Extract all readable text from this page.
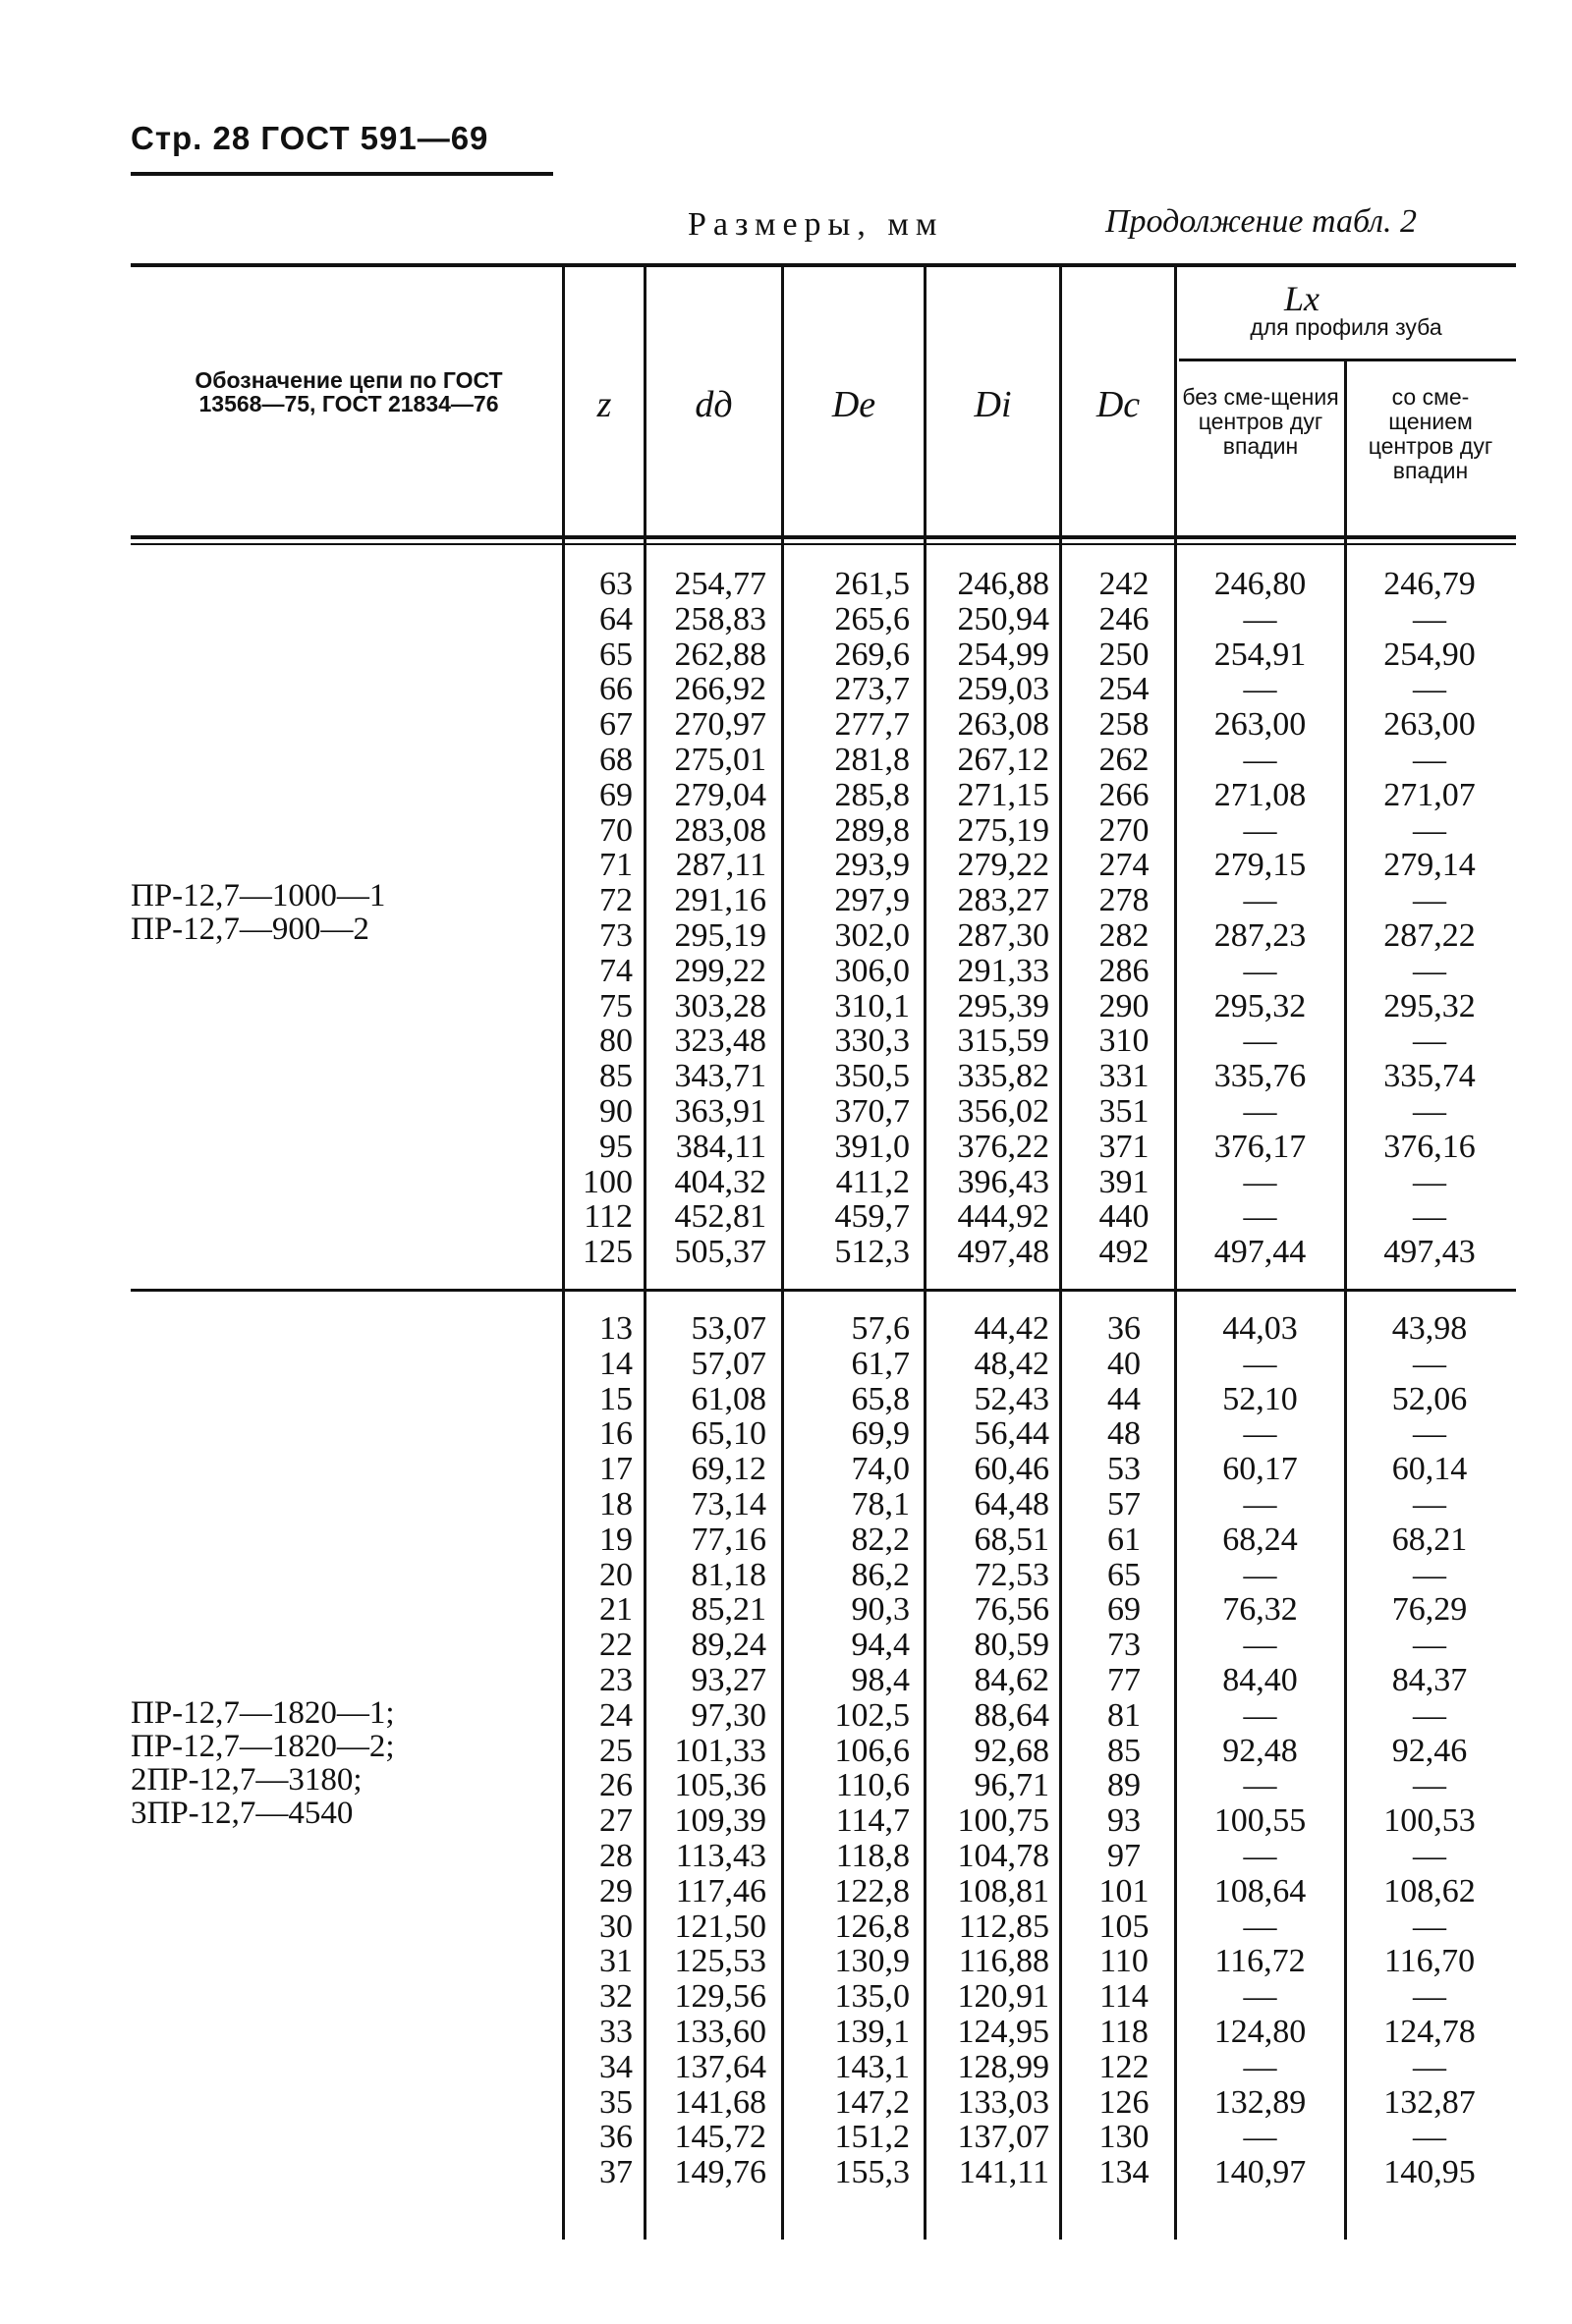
Стр. 28 ГОСТ 591—69
Размеры, мм	Продолжение табл. 2
Обозначение цепи по ГОСТ 13568—75, ГОСТ 21834—76	z	dд	De	Di	Dc
Lx
для профиля зуба
без сме-щения центров дуг впадин
со сме-щением центров дуг впадин
ПР-12,7—1000—1
ПР-12,7—900—2
63	254,77	261,5	246,88	242	246,80	246,79
64	258,83	265,6	250,94	246	—	—
65	262,88	269,6	254,99	250	254,91	254,90
66	266,92	273,7	259,03	254	—	—
67	270,97	277,7	263,08	258	263,00	263,00
68	275,01	281,8	267,12	262	—	—
69	279,04	285,8	271,15	266	271,08	271,07
70	283,08	289,8	275,19	270	—	—
71	287,11	293,9	279,22	274	279,15	279,14
72	291,16	297,9	283,27	278	—	—
73	295,19	302,0	287,30	282	287,23	287,22
74	299,22	306,0	291,33	286	—	—
75	303,28	310,1	295,39	290	295,32	295,32
80	323,48	330,3	315,59	310	—	—
85	343,71	350,5	335,82	331	335,76	335,74
90	363,91	370,7	356,02	351	—	—
95	384,11	391,0	376,22	371	376,17	376,16
100	404,32	411,2	396,43	391	—	—
112	452,81	459,7	444,92	440	—	—
125	505,37	512,3	497,48	492	497,44	497,43
ПР-12,7—1820—1;
ПР-12,7—1820—2;
2ПР-12,7—3180;
3ПР-12,7—4540
13	53,07	57,6	44,42	36	44,03	43,98
14	57,07	61,7	48,42	40	—	—
15	61,08	65,8	52,43	44	52,10	52,06
16	65,10	69,9	56,44	48	—	—
17	69,12	74,0	60,46	53	60,17	60,14
18	73,14	78,1	64,48	57	—	—
19	77,16	82,2	68,51	61	68,24	68,21
20	81,18	86,2	72,53	65	—	—
21	85,21	90,3	76,56	69	76,32	76,29
22	89,24	94,4	80,59	73	—	—
23	93,27	98,4	84,62	77	84,40	84,37
24	97,30	102,5	88,64	81	—	—
25	101,33	106,6	92,68	85	92,48	92,46
26	105,36	110,6	96,71	89	—	—
27	109,39	114,7	100,75	93	100,55	100,53
28	113,43	118,8	104,78	97	—	—
29	117,46	122,8	108,81	101	108,64	108,62
30	121,50	126,8	112,85	105	—	—
31	125,53	130,9	116,88	110	116,72	116,70
32	129,56	135,0	120,91	114	—	—
33	133,60	139,1	124,95	118	124,80	124,78
34	137,64	143,1	128,99	122	—	—
35	141,68	147,2	133,03	126	132,89	132,87
36	145,72	151,2	137,07	130	—	—
37	149,76	155,3	141,11	134	140,97	140,95
